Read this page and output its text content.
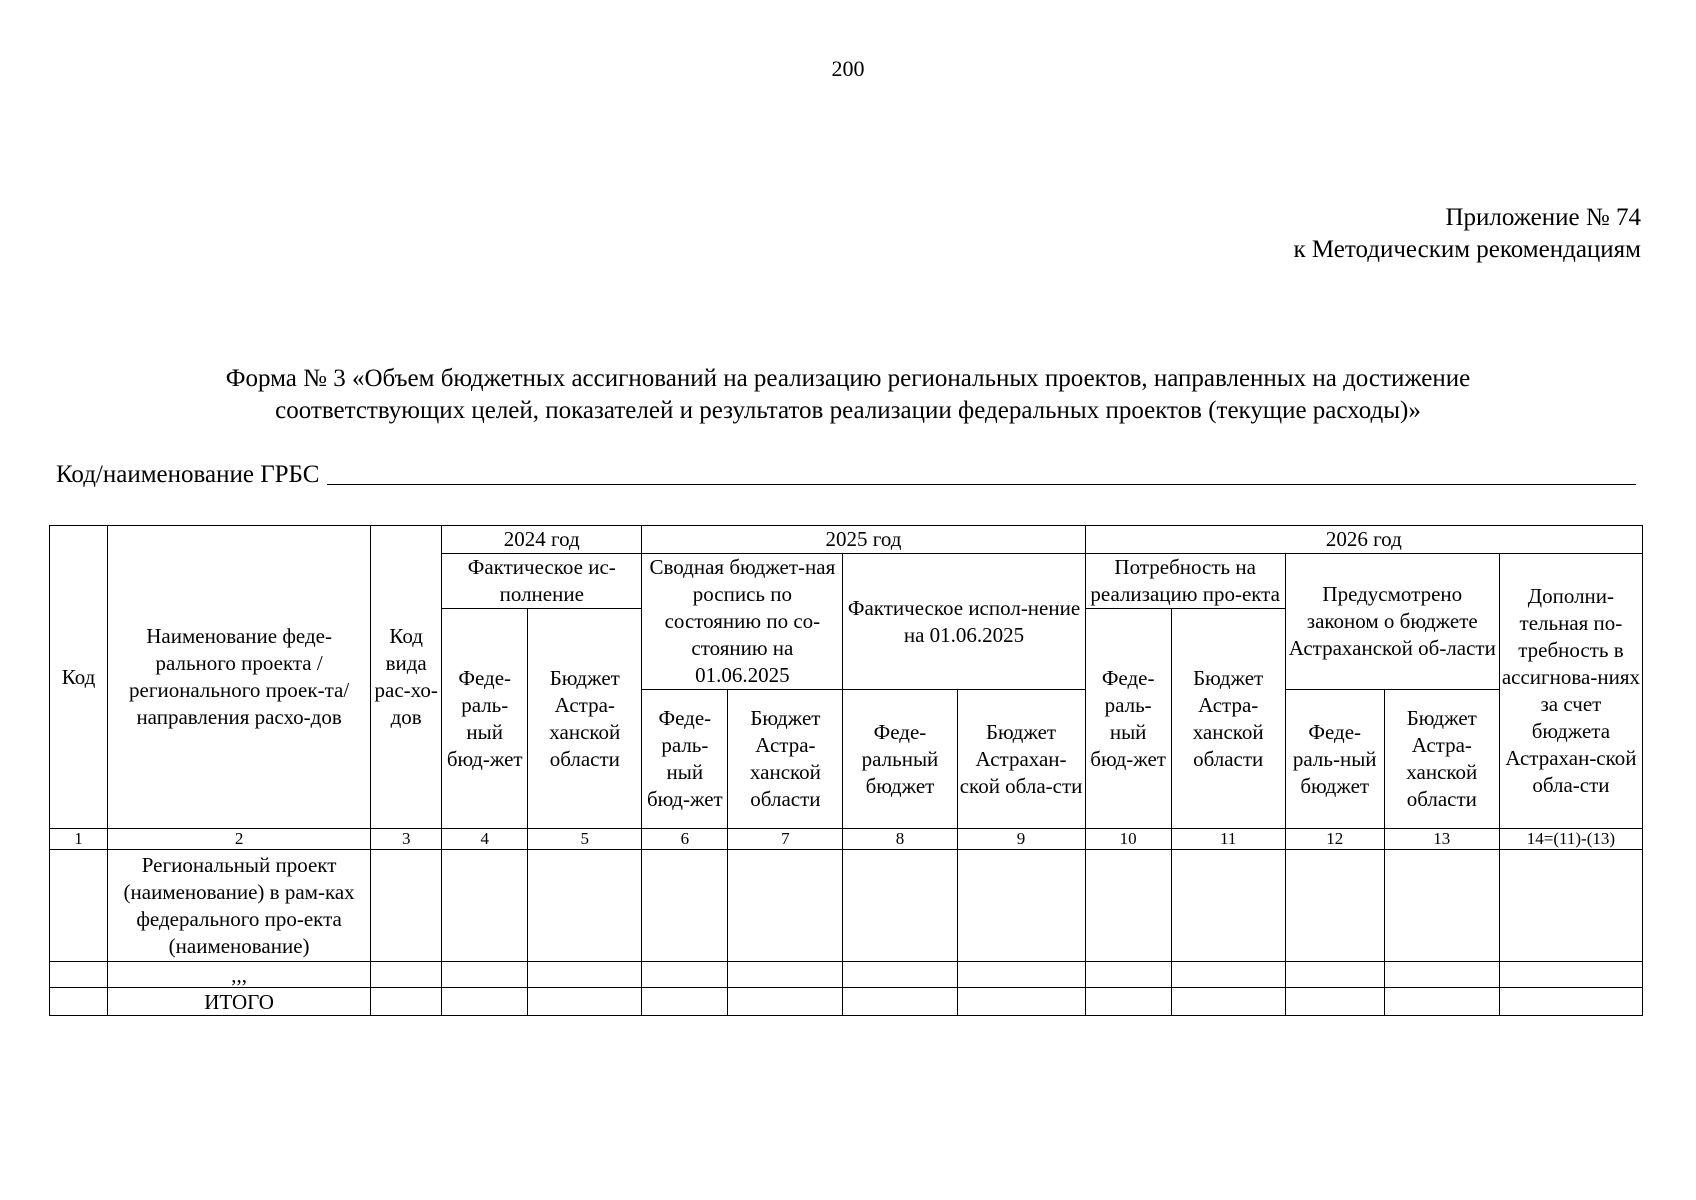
200
Приложение № 74
к Методическим рекомендациям
Форма № 3 «Объем бюджетных ассигнований на реализацию региональных проектов, направленных на достижение
соответствующих целей, показателей и результатов реализации федеральных проектов (текущие расходы)»
Код/наименование ГРБС
Код	Наименование феде-рального проекта /регионального проек-та/направления расхо-дов	Код вида рас-хо-дов	2024 год		2025 год				2026 год				
			Фактическое ис-полнение		Сводная бюджет-ная роспись по состоянию по со-стоянию на 01.06.2025		Фактическое испол-нение на 01.06.2025		Потребность на реализацию про-екта		Предусмотрено законом о бюджете Астраханской об-ласти		Дополни-тельная по-требность в ассигнова-ниях за счет бюджета Астрахан-ской обла-сти
			Феде-раль-ный бюд-жет	Бюджет Астра-ханской области					Феде-раль-ный бюд-жет	Бюджет Астра-ханской области			
					Феде-раль-ный бюд-жет	Бюджет Астра-ханской области	Феде-ральный бюджет	Бюджет Астрахан-ской обла-сти			Феде-раль-ный бюджет	Бюджет Астра-ханской области	
1	2	3	4	5	6	7	8	9	10	11	12	13	14=(11)-(13)
	Региональный проект (наименование) в рам-ках федерального про-екта (наименование)												
	,,,												
	ИТОГО												
